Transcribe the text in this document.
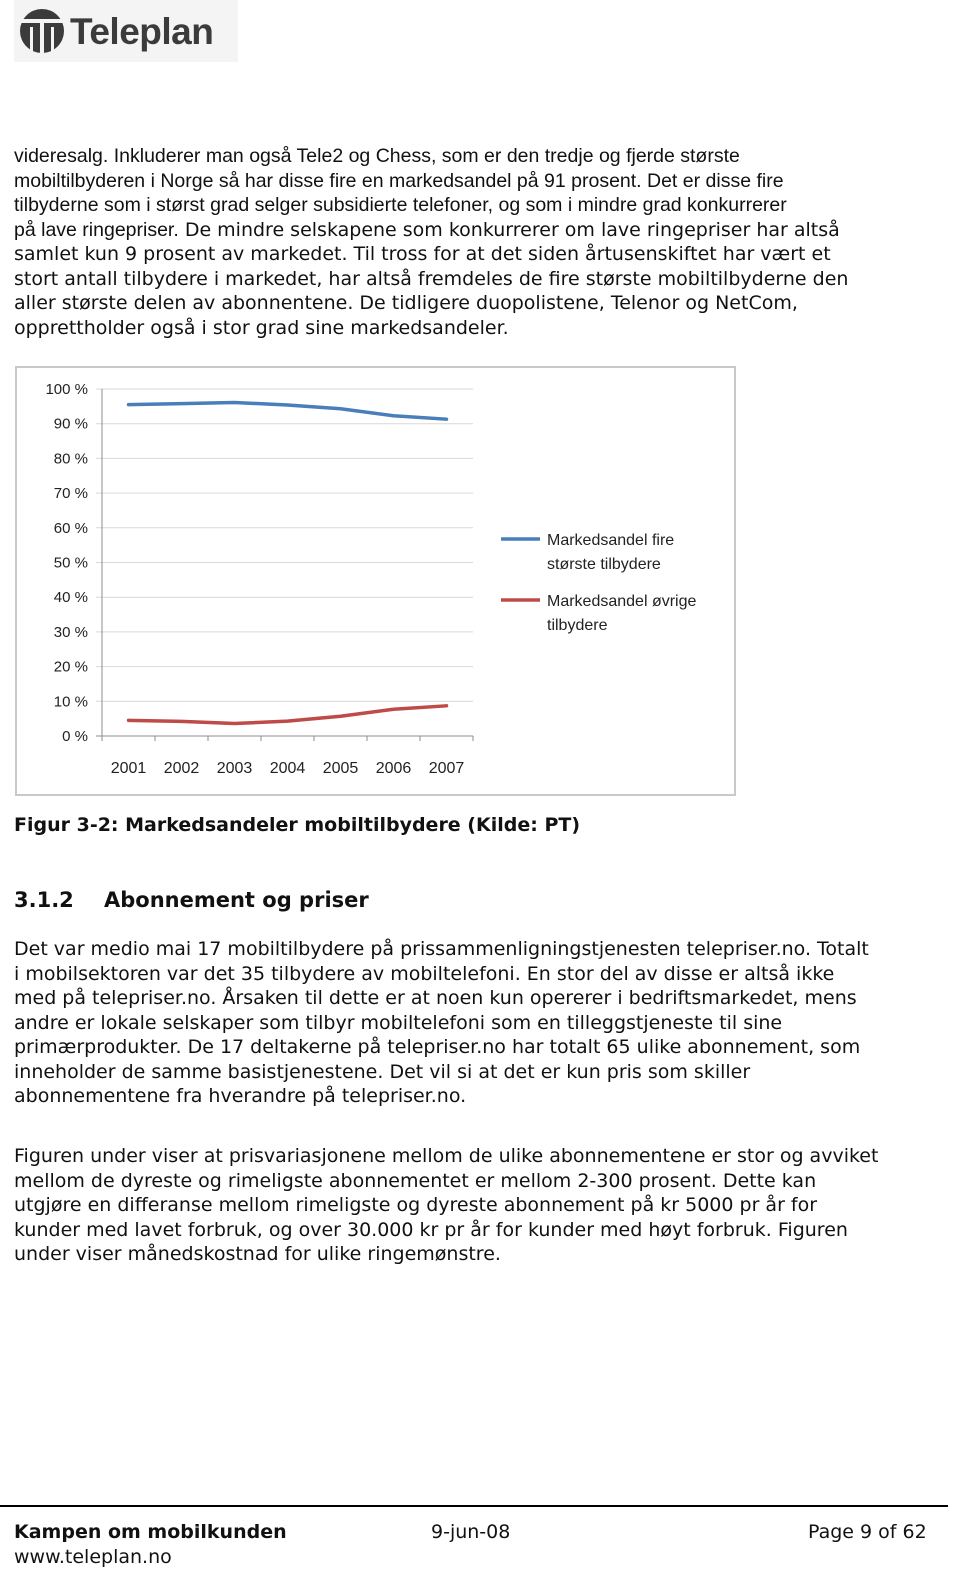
Teleplan
videresalg. Inkluderer man også Tele2 og Chess, som er den tredje og fjerde største
mobiltilbyderen i Norge så har disse fire en markedsandel på 91 prosent. Det er disse fire
tilbyderne som i størst grad selger subsidierte telefoner, og som i mindre grad konkurrerer
på lave ringepriser. De mindre selskapene som konkurrerer om lave ringepriser har altså
samlet kun 9 prosent av markedet. Til tross for at det siden årtusenskiftet har vært et
stort antall tilbydere i markedet, har altså fremdeles de fire største mobiltilbyderne den
aller største delen av abonnentene. De tidligere duopolistene, Telenor og NetCom,
opprettholder også i stor grad sine markedsandeler.
0 %
10 %
20 %
30 %
40 %
50 %
60 %
70 %
80 %
90 %
100 %
2001 2002 2003 2004 2005 2006 2007
Markedsandel fire
største tilbydere
Markedsandel øvrige
tilbydere

Figur 3-2: Markedsandeler mobiltilbydere (Kilde: PT)

3.1.2 Abonnement og priser

Det var medio mai 17 mobiltilbydere på prissammenligningstjenesten telepriser.no. Totalt
i mobilsektoren var det 35 tilbydere av mobiltelefoni. En stor del av disse er altså ikke
med på telepriser.no. Årsaken til dette er at noen kun opererer i bedriftsmarkedet, mens
andre er lokale selskaper som tilbyr mobiltelefoni som en tilleggstjeneste til sine
primærprodukter. De 17 deltakerne på telepriser.no har totalt 65 ulike abonnement, som
inneholder de samme basistjenestene. Det vil si at det er kun pris som skiller
abonnementene fra hverandre på telepriser.no.
Figuren under viser at prisvariasjonene mellom de ulike abonnementene er stor og avviket
mellom de dyreste og rimeligste abonnementet er mellom 2-300 prosent. Dette kan
utgjøre en differanse mellom rimeligste og dyreste abonnement på kr 5000 pr år for
kunder med lavet forbruk, og over 30.000 kr pr år for kunder med høyt forbruk. Figuren
under viser månedskostnad for ulike ringemønstre.
Kampen om mobilkunden
www.teleplan.no
9-jun-08	Page 9 of 62
